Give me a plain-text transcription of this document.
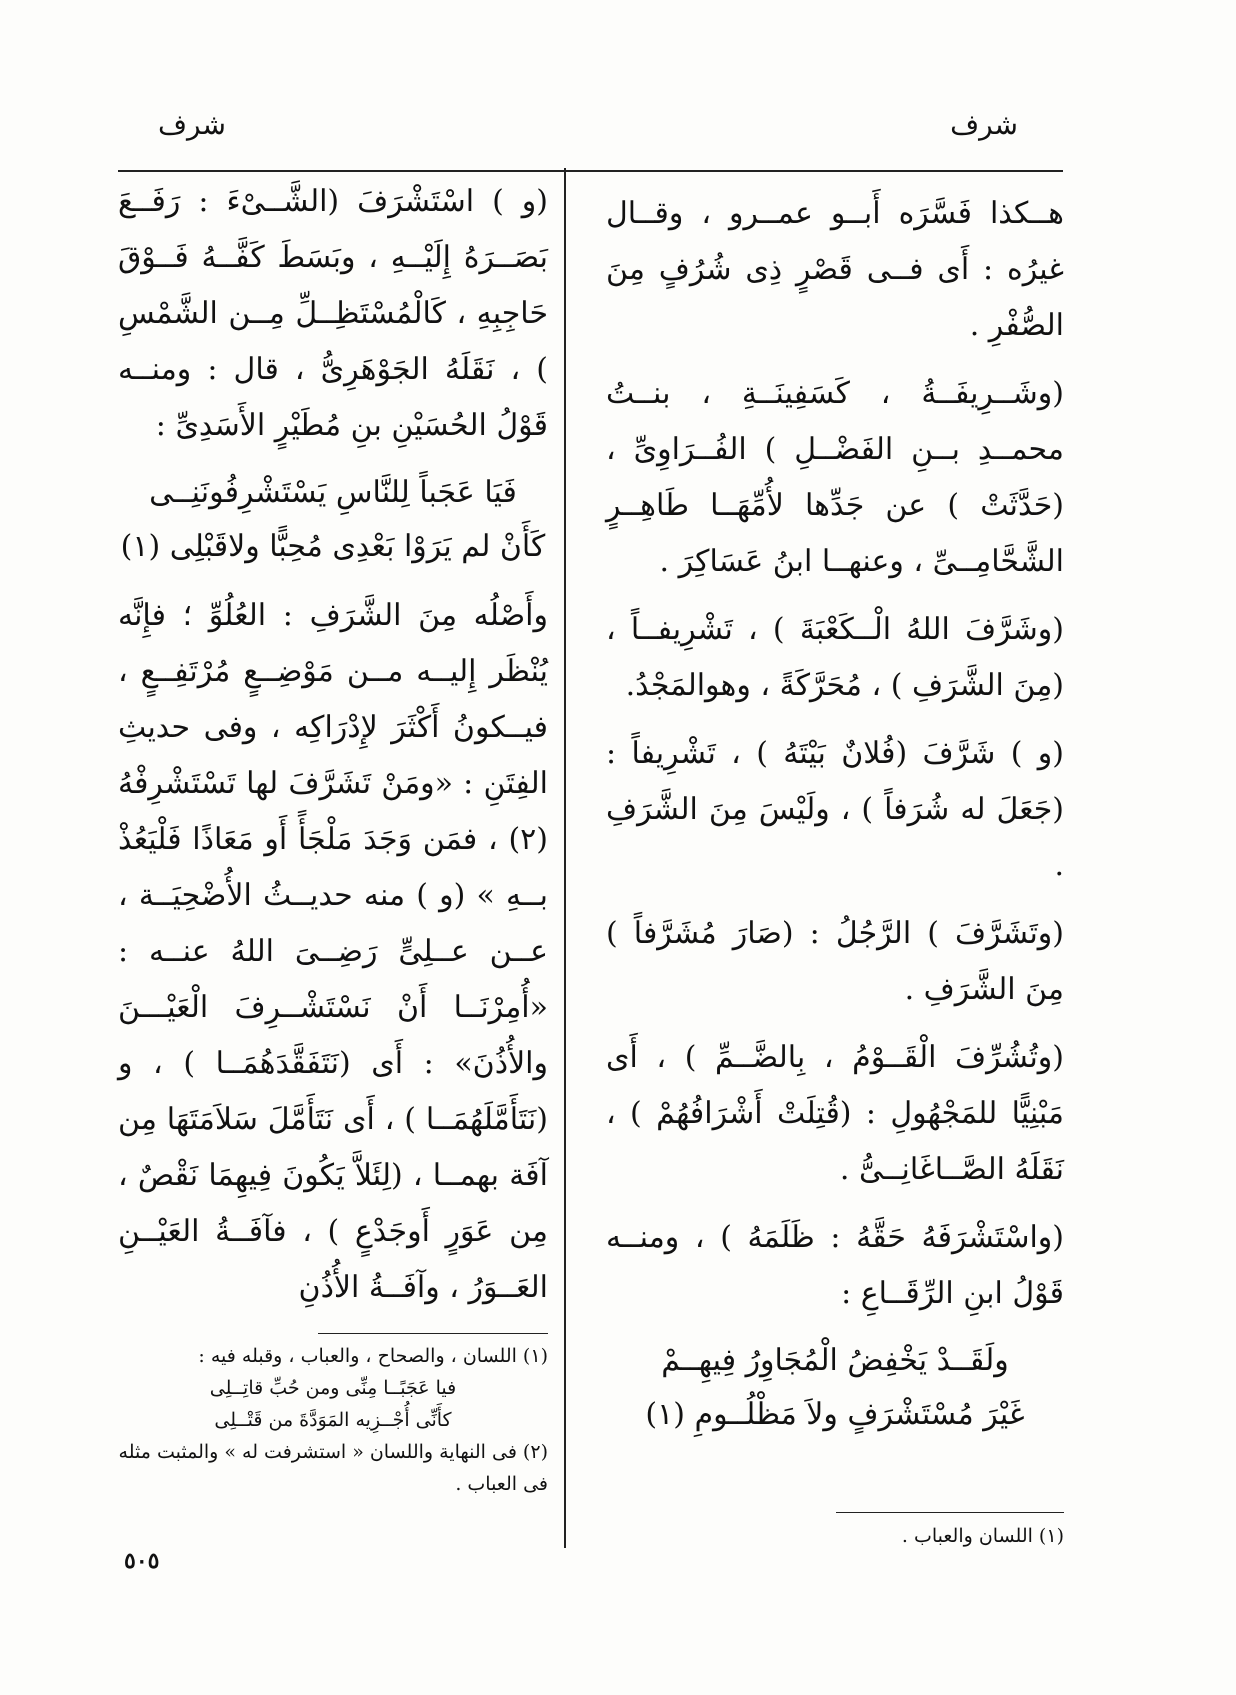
شرف	شرف

هــكذا فَسَّرَه أَبــو عمــرو ، وقــال غيرُه : أَى فــى قَصْرٍ ذِى شُرُفٍ مِنَ الصُّفْرِ .

(وشَــرِيفَــةُ ، كَسَفِينَــةِ ، بنــتُ محمــدِ بــنِ الفَضْــلِ ) الفُــرَاوِىِّ ، (حَدَّثَتْ ) عن جَدِّها لأُمِّهَــا طَاهِــرٍ الشَّحَّامِــىِّ ، وعنهــا ابنُ عَسَاكِرَ .

(وشَرَّفَ اللهُ الْــكَعْبَةَ ) ، تَشْرِيفــاً ، (مِنَ الشَّرَفِ ) ، مُحَرَّكَةً ، وهوالمَجْدُ.

(و ) شَرَّفَ (فُلانٌ بَيْتَهُ ) ، تَشْرِيفاً : (جَعَلَ له شُرَفاً ) ، ولَيْسَ مِنَ الشَّرَفِ .

(وتَشَرَّفَ ) الرَّجُلُ : (صَارَ مُشَرَّفاً ) مِنَ الشَّرَفِ .

(وتُشُرِّفَ الْقَــوْمُ ، بِالضَّــمِّ ) ، أَى مَبْنِيًّا للمَجْهُولِ : (قُتِلَتْ أَشْرَافُهُمْ ) ، نَقَلَهُ الصَّــاغَانِــىُّ .

(واسْتَشْرَفَهُ حَقَّهُ : ظَلَمَهُ ) ، ومنــه قَوْلُ ابنِ الرِّقَــاعِ :

ولَقَــدْ يَخْفِضُ الْمُجَاوِرُ فِيهِــمْ
غَيْرَ مُسْتَشْرَفٍ ولاَ مَظْلُــومِ (١)
(١) اللسان والعباب .

(و ) اسْتَشْرَفَ (الشَّــىْءَ : رَفَــعَ بَصَــرَهُ إِلَيْــهِ ، وبَسَطَ كَفَّــهُ فَــوْقَ حَاجِبِهِ ، كَالْمُسْتَظِــلِّ مِــن الشَّمْسِ ) ، نَقَلَهُ الجَوْهَرِىُّ ، قال : ومنــه قَوْلُ الحُسَيْنِ بنِ مُطَيْرٍ الأَسَدِىِّ :

فَيَا عَجَباً لِلنَّاسِ يَسْتَشْرِفُونَنِــى
كَأَنْ لم يَرَوْا بَعْدِى مُحِبًّا ولاقَبْلِى (١)

وأَصْلُه مِنَ الشَّرَفِ : العُلُوِّ ؛ فإِنَّه يُنْظَر إِليــه مــن مَوْضِــعٍ مُرْتَفِــعٍ ، فيــكونُ أَكْثَرَ لإِدْرَاكِه ، وفى حديثِ الفِتَنِ : «ومَنْ تَشَرَّفَ لها تَسْتَشْرِفْهُ (٢) ، فمَن وَجَدَ مَلْجَأً أَو مَعَاذًا فَلْيَعُذْ بــهِ » (و ) منه حديــثُ الأُضْحِيَــة ، عــن عــلِىٍّ رَضِــىَ اللهُ عنــه : «أُمِرْنَــا أَنْ نَسْتَشْــرِفَ الْعَيْـــنَ والأُذُنَ» : أَى (نَتَفَقَّدَهُمَــا ) ، و (نَتَأَمَّلَهُمَــا ) ، أَى نَتَأَمَّلَ سَلاَمَتَهَا مِن آفَة بهمــا ، (لِئَلاَّ يَكُونَ فِيهِمَا نَقْصٌ ، مِن عَوَرٍ أَوجَدْعٍ ) ، فآفَــةُ العَيْــنِ العَــوَرُ ، وآفَــةُ الأُذُنِ

(١) اللسان ، والصحاح ، والعباب ، وقبله فيه :
فيا عَجَبًــا مِنِّى ومن حُبِّ قاتِــلِى
كأَنِّى أُجْــزِيه المَوَدَّةَ من قَتْــلِى
(٢) فى النهاية واللسان « استشرفت له » والمثبت مثله فى العباب .
٥٠٥
